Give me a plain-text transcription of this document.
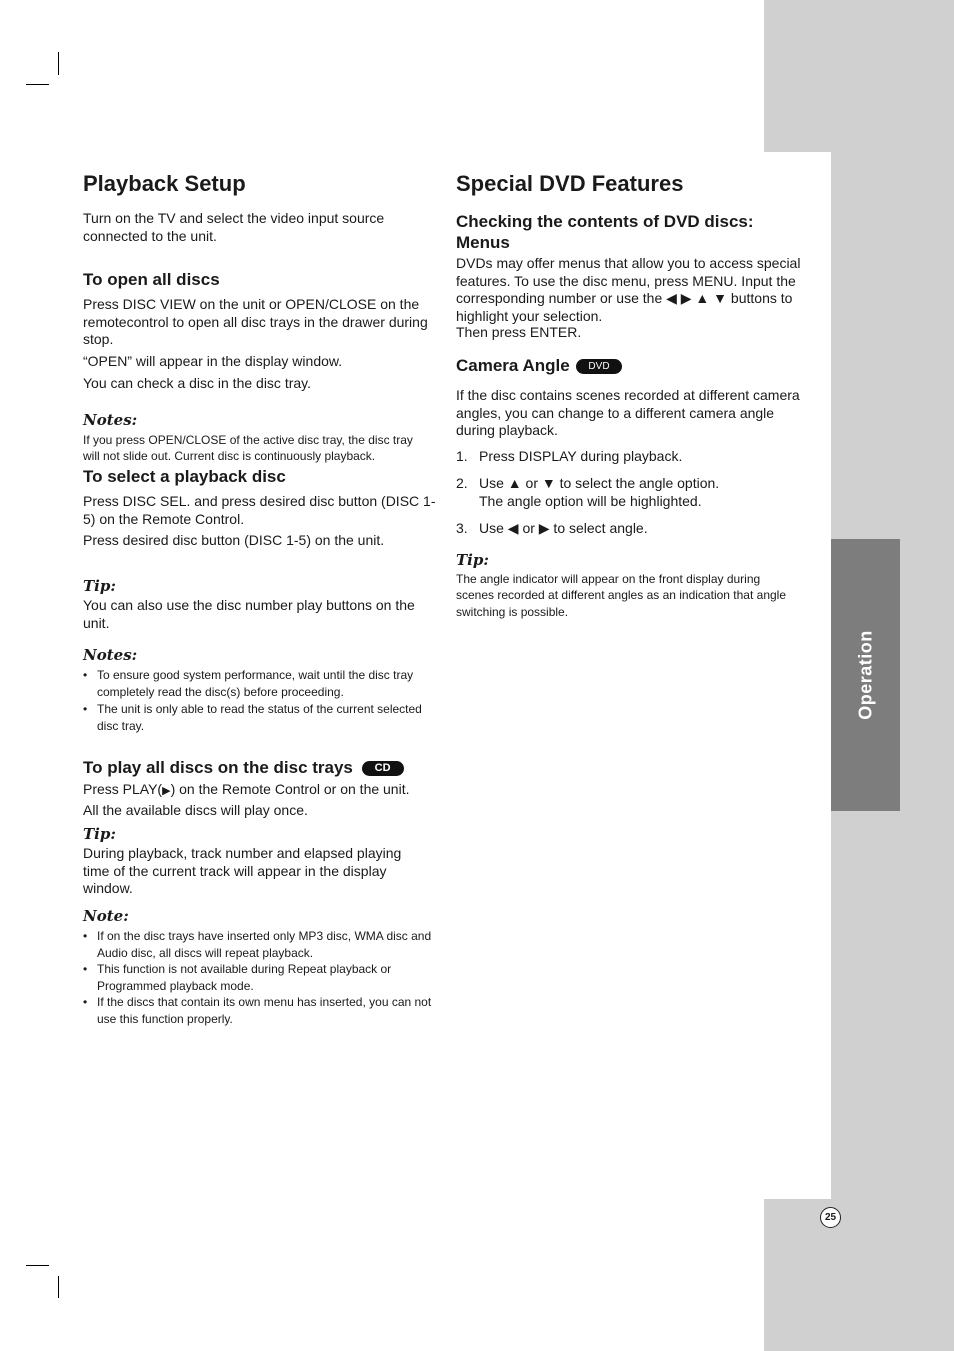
Operation
25
Playback Setup

Turn on the TV and select the video input source connected to the unit.

To open all discs

Press DISC VIEW on the unit or OPEN/CLOSE on the remotecontrol to open all disc trays in the drawer during stop.

“OPEN” will appear in the display window.

You can check a disc in the disc tray.

Notes:

If you press OPEN/CLOSE of the active disc tray, the disc tray will not slide out. Current disc is continuously playback.

To select a playback disc

Press DISC SEL. and press desired disc button (DISC 1-5) on the Remote Control.

Press desired disc button (DISC 1-5) on the unit.

Tip:

You can also use the disc number play buttons on the unit.

Notes:
• To ensure good system performance, wait until the disc tray completely read the disc(s) before proceeding.
• The unit is only able to read the status of the current selected disc tray.
To play all discs on the disc trays CD

Press PLAY(▶) on the Remote Control or on the unit.

All the available discs will play once.

Tip:

During playback, track number and elapsed playing time of the current track will appear in the display window.

Note:
• If on the disc trays have inserted only MP3 disc, WMA disc and Audio disc, all discs will repeat playback.
• This function is not available during Repeat playback or Programmed playback mode.
• If the discs that contain its own menu has inserted, you can not use this function properly.
Special DVD Features
Checking the contents of DVD discs: Menus

DVDs may offer menus that allow you to access special features. To use the disc menu, press MENU. Input the corresponding number or use the ◀ ▶ ▲ ▼ buttons to highlight your selection.

Then press ENTER.

Camera Angle DVD

If the disc contains scenes recorded at different camera angles, you can change to a different camera angle during playback.

1. Press DISPLAY during playback.
2. Use ▲ or ▼ to select the angle option.
The angle option will be highlighted.
3. Use ◀ or ▶ to select angle.
Tip:

The angle indicator will appear on the front display during scenes recorded at different angles as an indication that angle switching is possible.
